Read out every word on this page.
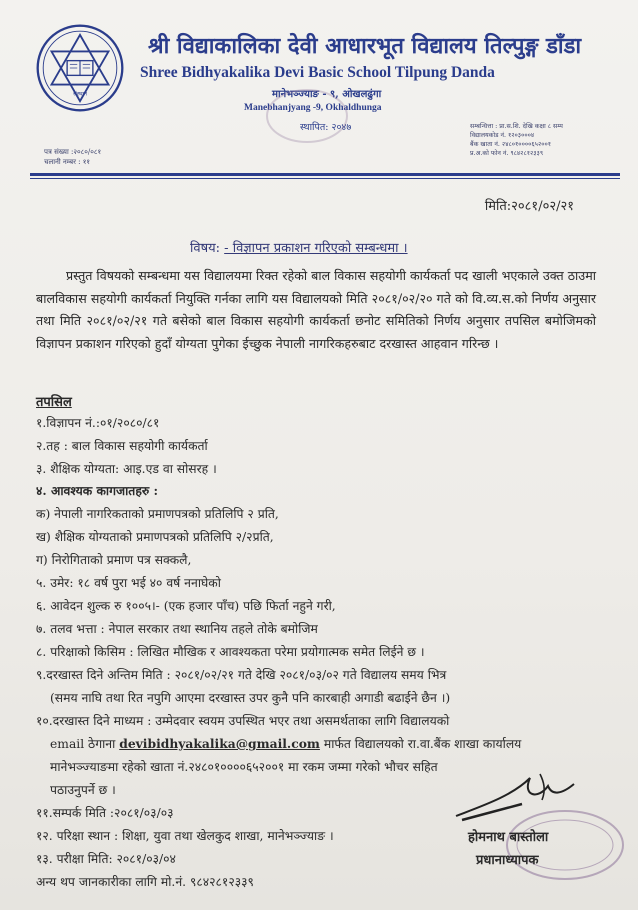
संस्थान
श्री विद्याकालिका देवी आधारभूत विद्यालय तिल्पुङ्ग डाँडा
Shree Bidhyakalika Devi Basic School Tilpung Danda
मानेभञ्ज्याङ - ९, ओखलढुंगा
Manebhanjyang -9, Okhaldhunga
स्थापित: २०४७	सम्बन्धित्ता : प्रा.स.शि. देखि कक्षा ८ सम्म
विद्यालयकोड नं. १२०३०००४
बैंक खाता नं. २४८०१००००६५२००१
प्र.अ.को फोन नं. ९८४२८१२३३९
पत्र संख्या :२०८०/०८१
चलानी नम्बर : ११
मिति:२०८१/०२/२१
विषय: - विज्ञापन प्रकाशन गरिएको सम्बन्धमा ।
प्रस्तुत विषयको सम्बन्धमा यस विद्यालयमा रिक्त रहेको बाल विकास सहयोगी कार्यकर्ता पद खाली भएकाले उक्त ठाउमा बालविकास सहयोगी कार्यकर्ता नियुक्ति गर्नका लागि यस विद्यालयको मिति २०८१/०२/२० गते को वि.व्य.स.को निर्णय अनुसार तथा मिति २०८१/०२/२१ गते बसेको बाल विकास सहयोगी कार्यकर्ता छनोट समितिको निर्णय अनुसार तपसिल बमोजिमको विज्ञापन प्रकाशन गरिएको हुदाँ योग्यता पुगेका ईच्छुक नेपाली नागरिकहरुबाट दरखास्त आहवान गरिन्छ ।
तपसिल
१.विज्ञापन नं.:०१/२०८०/८१
२.तह : बाल विकास सहयोगी कार्यकर्ता
३. शैक्षिक योग्यता: आइ.एड वा सोसरह ।
४. आवश्यक कागजातहरु :
क) नेपाली नागरिकताको प्रमाणपत्रको प्रतिलिपि २ प्रति,
ख) शैक्षिक योग्यताको प्रमाणपत्रको प्रतिलिपि २/२प्रति,
ग) निरोगिताको प्रमाण पत्र सक्कलै,
५. उमेर: १८ वर्ष पुरा भई ४० वर्ष ननाघेको
६. आवेदन शुल्क रु १००५।- (एक हजार पाँच) पछि फिर्ता नहुने गरी,
७. तलव भत्ता : नेपाल सरकार तथा स्थानिय तहले तोके बमोजिम
८. परिक्षाको किसिम : लिखित मौखिक र आवश्यकता परेमा प्रयोगात्मक समेत लिईने छ ।
९.दरखास्त दिने अन्तिम मिति : २०८१/०२/२१ गते देखि २०८१/०३/०२ गते विद्यालय समय भित्र
(समय नाघि तथा रित नपुगि आएमा दरखास्त उपर कुनै पनि कारबाही अगाडी बढाईने छैन ।)
१०.दरखास्त दिने माध्यम : उम्मेदवार स्वयम उपस्थित भएर तथा असमर्थताका लागि विद्यालयको
email ठेगाना devibidhyakalika@gmail.com मार्फत विद्यालयको रा.वा.बैंक शाखा कार्यालय
मानेभञ्ज्याङमा रहेको खाता नं.२४८०१००००६५२००१ मा रकम जम्मा गरेको भौचर सहित
पठाउनुपर्ने छ ।
११.सम्पर्क मिति :२०८१/०३/०३
१२. परिक्षा स्थान : शिक्षा, युवा तथा खेलकुद शाखा, मानेभञ्ज्याङ ।
१३. परीक्षा मिति: २०८१/०३/०४
अन्य थप जानकारीका लागि मो.नं. ९८४२८१२३३९
होमनाथ बास्तोला
प्रधानाध्यापक
